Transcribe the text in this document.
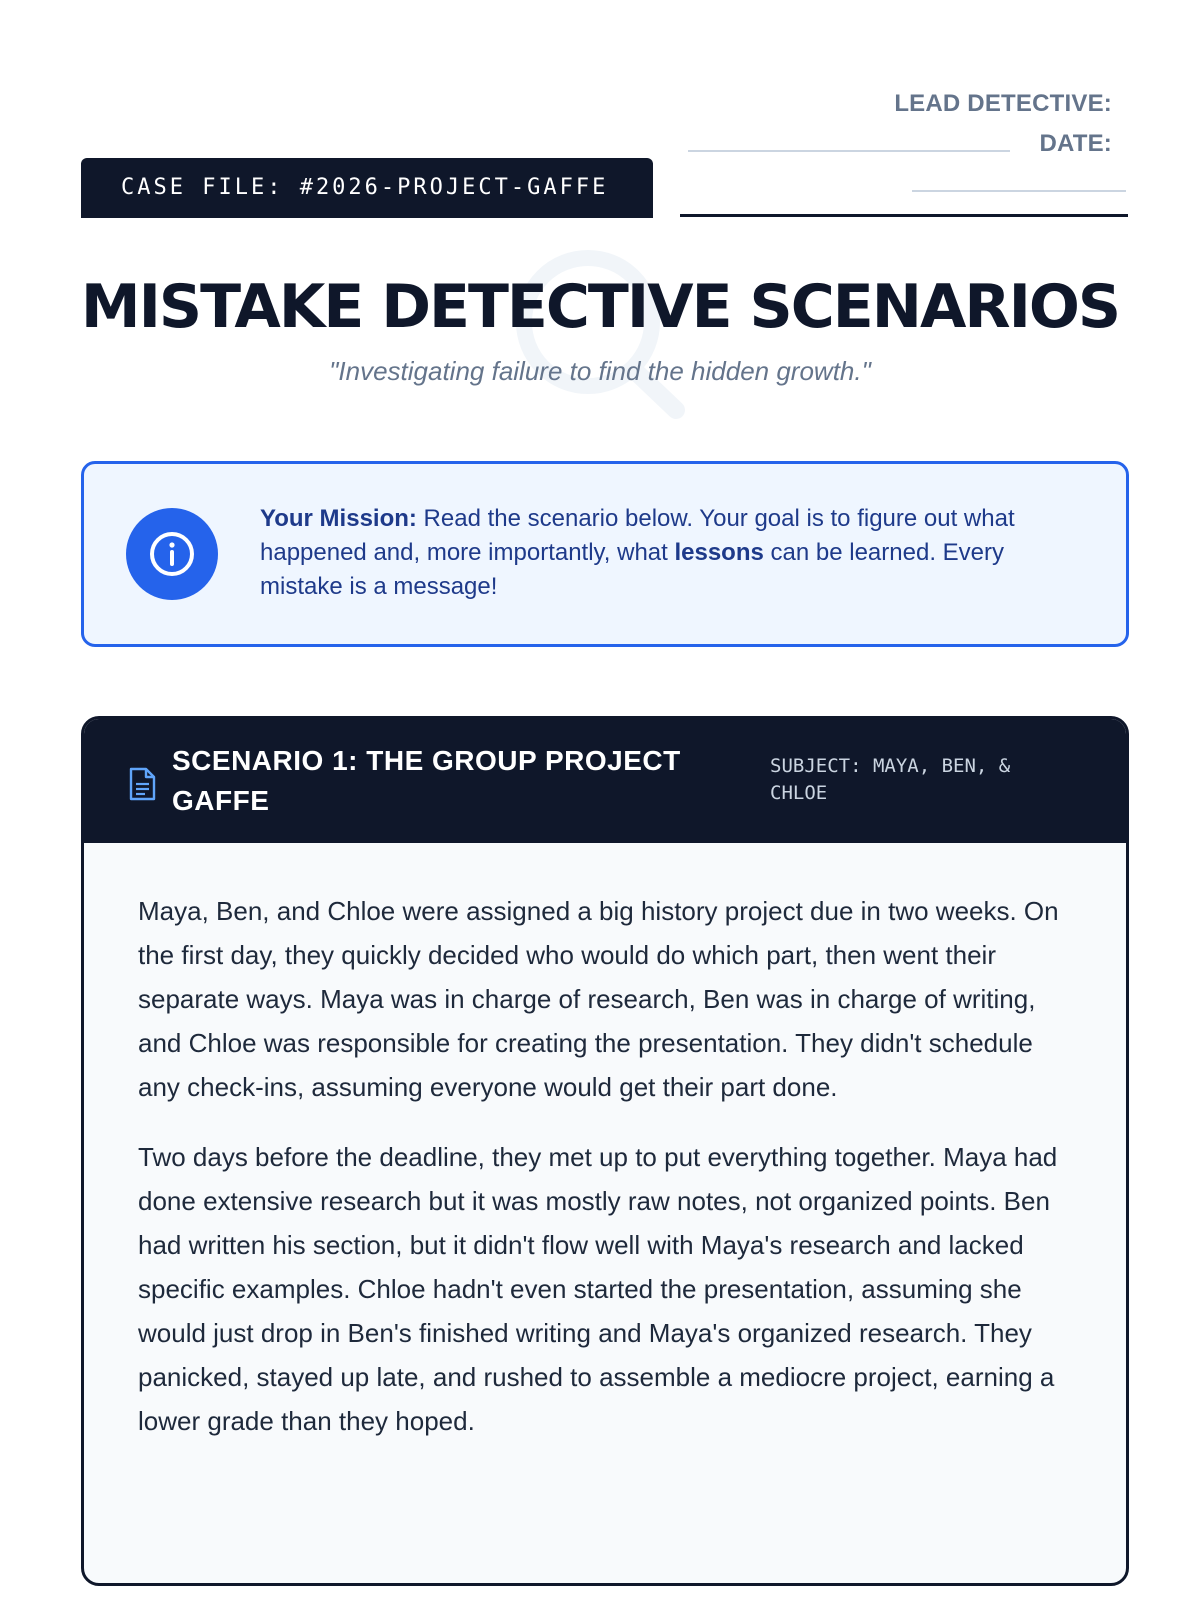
CASE FILE: #2026-PROJECT-GAFFE
LEAD DETECTIVE:
DATE:
MISTAKE DETECTIVE SCENARIOS
"Investigating failure to find the hidden growth."
Your Mission: Read the scenario below. Your goal is to figure out what happened and, more importantly, what lessons can be learned. Every mistake is a message!
SCENARIO 1: THE GROUP PROJECT GAFFE
SUBJECT: MAYA, BEN, & CHLOE

Maya, Ben, and Chloe were assigned a big history project due in two weeks. On the first day, they quickly decided who would do which part, then went their separate ways. Maya was in charge of research, Ben was in charge of writing, and Chloe was responsible for creating the presentation. They didn't schedule any check-ins, assuming everyone would get their part done.

Two days before the deadline, they met up to put everything together. Maya had done extensive research but it was mostly raw notes, not organized points. Ben had written his section, but it didn't flow well with Maya's research and lacked specific examples. Chloe hadn't even started the presentation, assuming she would just drop in Ben's finished writing and Maya's organized research. They panicked, stayed up late, and rushed to assemble a mediocre project, earning a lower grade than they hoped.
